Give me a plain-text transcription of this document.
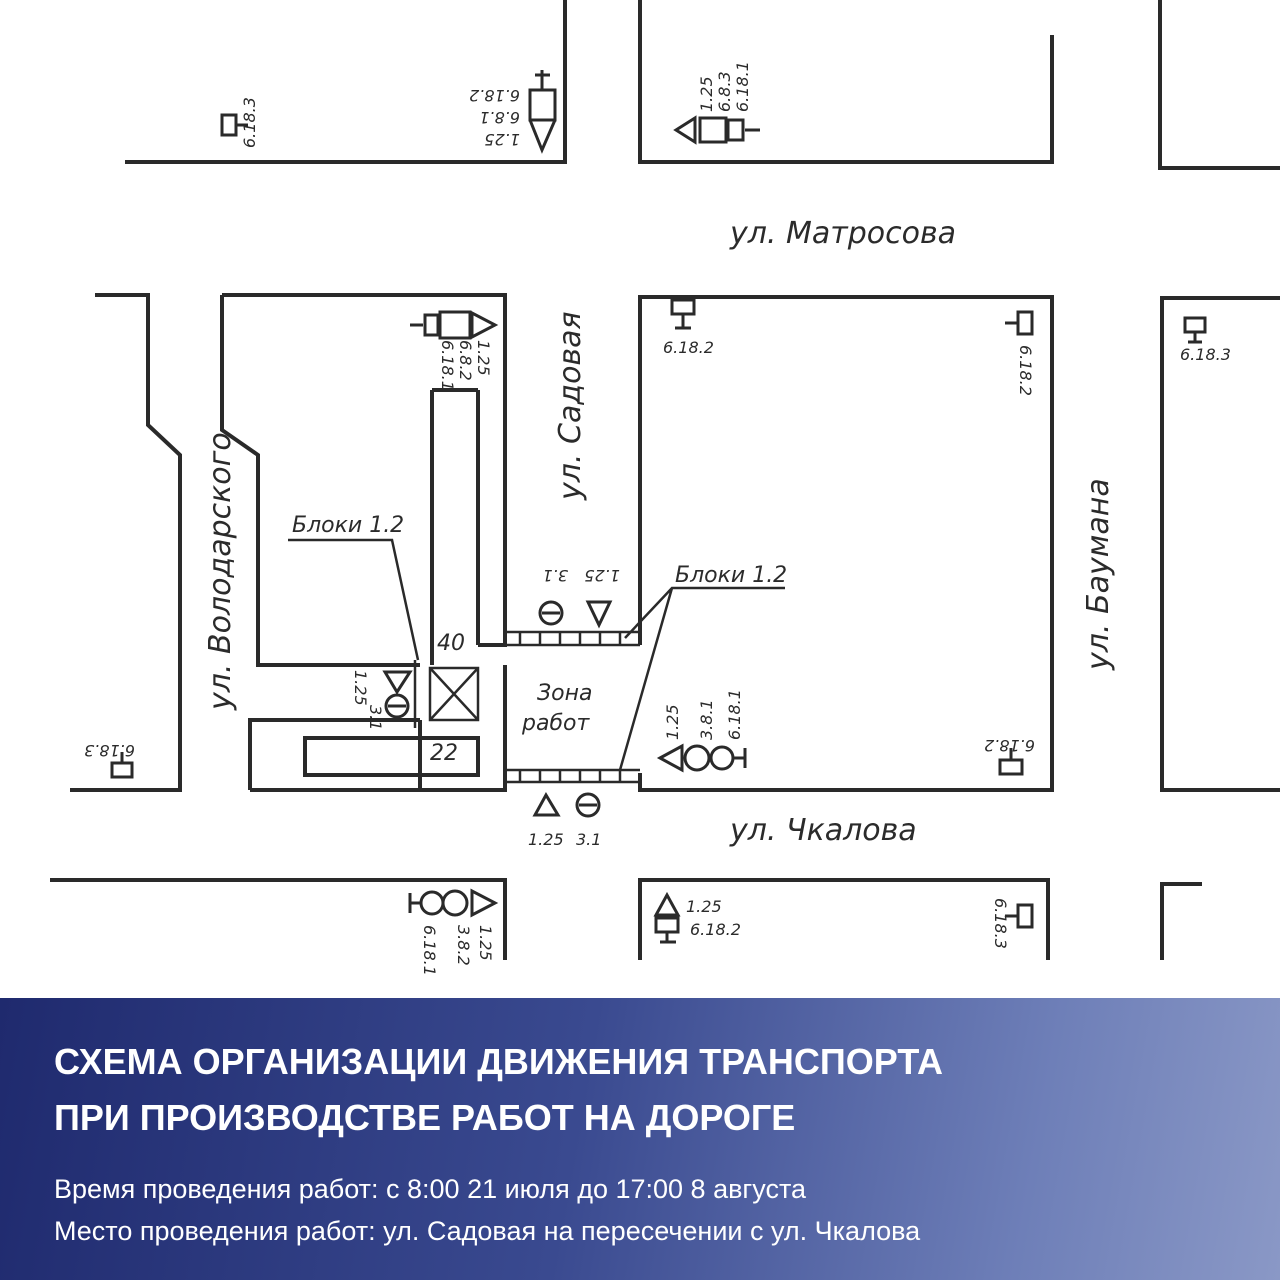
ул. Матросова
ул. Садовая
ул. Володарского	ул. Баумана
ул. Чкалова
Блоки 1.2
Блоки 1.2
Зона
работ
40
22
6.18.3
6.18.2
6.8.1
1.25
1.25 6.8.3 6.18.1
1.25
6.8.2
6.18.1	6.18.2	6.18.2	6.18.3
3.1 1.25
1.25
3.1	1.25 3.8.1 6.18.1
6.18.3	6.18.2
1.25 3.1
1.25
3.8.2
6.18.1
1.25
6.18.2	6.18.3
СХЕМА ОРГАНИЗАЦИИ ДВИЖЕНИЯ ТРАНСПОРТА
ПРИ ПРОИЗВОДСТВЕ РАБОТ НА ДОРОГЕ
Время проведения работ: с 8:00 21 июля до 17:00 8 августа
Место проведения работ: ул. Садовая на пересечении с ул. Чкалова
